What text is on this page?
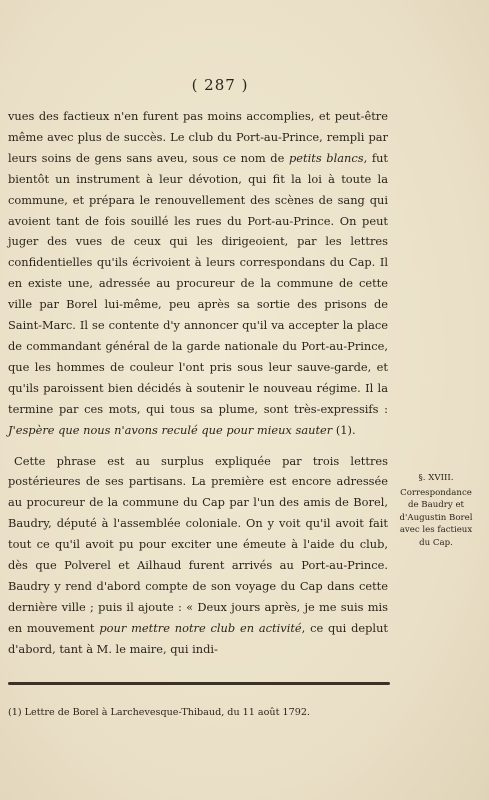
( 287 )

vues des factieux n'en furent pas moins accomplies, et peut-être même avec plus de succès. Le club du Port-au-Prince, rempli par leurs soins de gens sans aveu, sous ce nom de petits blancs, fut bientôt un instrument à leur dévotion, qui fit la loi à toute la commune, et prépara le renouvellement des scènes de sang qui avoient tant de fois souillé les rues du Port-au-Prince. On peut juger des vues de ceux qui les dirigeoient, par les lettres confidentielles qu'ils écrivoient à leurs correspondans du Cap. Il en existe une, adressée au procureur de la commune de cette ville par Borel lui-même, peu après sa sortie des prisons de Saint-Marc. Il se contente d'y annoncer qu'il va accepter la place de commandant général de la garde nationale du Port-au-Prince, que les hommes de couleur l'ont pris sous leur sauve-garde, et qu'ils paroissent bien décidés à soutenir le nouveau régime. Il la termine par ces mots, qui tous sa plume, sont très-expressifs : J'espère que nous n'avons reculé que pour mieux sauter (1).

Cette phrase est au surplus expliquée par trois lettres postérieures de ses partisans. La première est encore adressée au procureur de la commune du Cap par l'un des amis de Borel, Baudry, député à l'assemblée coloniale. On y voit qu'il avoit fait tout ce qu'il avoit pu pour exciter une émeute à l'aide du club, dès que Polverel et Ailhaud furent arrivés au Port-au-Prince. Baudry y rend d'abord compte de son voyage du Cap dans cette dernière ville ; puis il ajoute : « Deux jours après, je me suis mis en mouvement pour mettre notre club en activité, ce qui deplut d'abord, tant à M. le maire, qui indi-

§. XVIII.
Correspondance de Baudry et d'Augustin Borel avec les factieux du Cap.
(1) Lettre de Borel à Larchevesque-Thibaud, du 11 août 1792.
